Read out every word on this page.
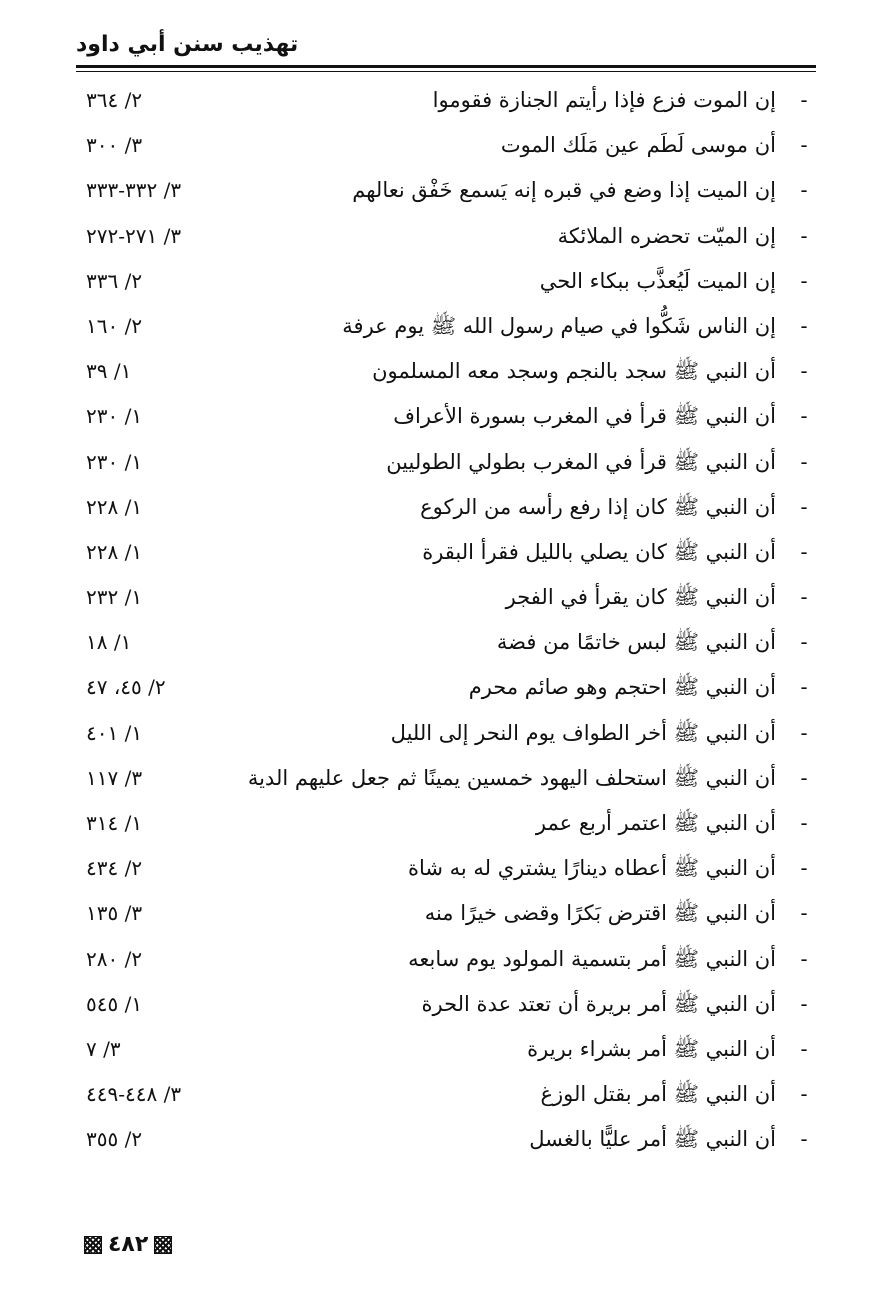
تهذيب سنن أبي داود
-
إن الموت فزع فإذا رأيتم الجنازة فقوموا
٢/ ٣٦٤
-
أن موسى لَطَم عين مَلَك الموت
٣/ ٣٠٠
-
إن الميت إذا وضع في قبره إنه يَسمع خَفْق نعالهم
٣/ ٣٣٢-٣٣٣
-
إن الميّت تحضره الملائكة
٣/ ٢٧١-٢٧٢
-
إن الميت لَيُعذَّب ببكاء الحي
٢/ ٣٣٦
-
إن الناس شَكُّوا في صيام رسول الله ﷺ يوم عرفة
٢/ ١٦٠
-
أن النبي ﷺ سجد بالنجم وسجد معه المسلمون
١/ ٣٩
-
أن النبي ﷺ قرأ في المغرب بسورة الأعراف
١/ ٢٣٠
-
أن النبي ﷺ قرأ في المغرب بطولي الطوليين
١/ ٢٣٠
-
أن النبي ﷺ كان إذا رفع رأسه من الركوع
١/ ٢٢٨
-
أن النبي ﷺ كان يصلي بالليل فقرأ البقرة
١/ ٢٢٨
-
أن النبي ﷺ كان يقرأ في الفجر
١/ ٢٣٢
-
أن النبي ﷺ لبس خاتمًا من فضة
١/ ١٨
-
أن النبي ﷺ احتجم وهو صائم محرم
٢/ ٤٥، ٤٧
-
أن النبي ﷺ أخر الطواف يوم النحر إلى الليل
١/ ٤٠١
-
أن النبي ﷺ استحلف اليهود خمسين يمينًا ثم جعل عليهم الدية
٣/ ١١٧
-
أن النبي ﷺ اعتمر أربع عمر
١/ ٣١٤
-
أن النبي ﷺ أعطاه دينارًا يشتري له به شاة
٢/ ٤٣٤
-
أن النبي ﷺ اقترض بَكرًا وقضى خيرًا منه
٣/ ١٣٥
-
أن النبي ﷺ أمر بتسمية المولود يوم سابعه
٢/ ٢٨٠
-
أن النبي ﷺ أمر بريرة أن تعتد عدة الحرة
١/ ٥٤٥
-
أن النبي ﷺ أمر بشراء بريرة
٣/ ٧
-
أن النبي ﷺ أمر بقتل الوزغ
٣/ ٤٤٨-٤٤٩
-
أن النبي ﷺ أمر عليًّا بالغسل
٢/ ٣٥٥
٤٨٢
